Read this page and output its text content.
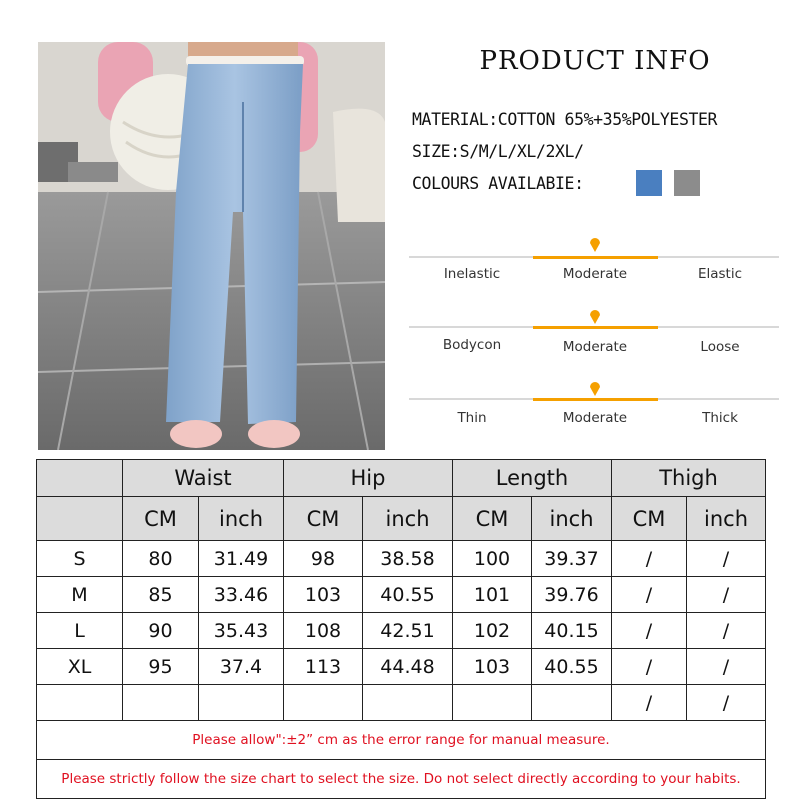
PRODUCT INFO
MATERIAL:COTTON 65%+35%POLYESTER
SIZE:S/M/L/XL/2XL/
COLOURS AVAILABIE:
Inelastic	Moderate	Elastic
Bodycon	Moderate	Loose
Thin	Moderate	Thick
	Waist		Hip		Length		Thigh	
	CM	inch	CM	inch	CM	inch	CM	inch
S	80	31.49	98	38.58	100	39.37	/	/
M	85	33.46	103	40.55	101	39.76	/	/
L	90	35.43	108	42.51	102	40.15	/	/
XL	95	37.4	113	44.48	103	40.55	/	/
							/	/
Please allow":±2” cm as the error range for manual measure.								
Please strictly follow the size chart to select the size. Do not select directly according to your habits.								
